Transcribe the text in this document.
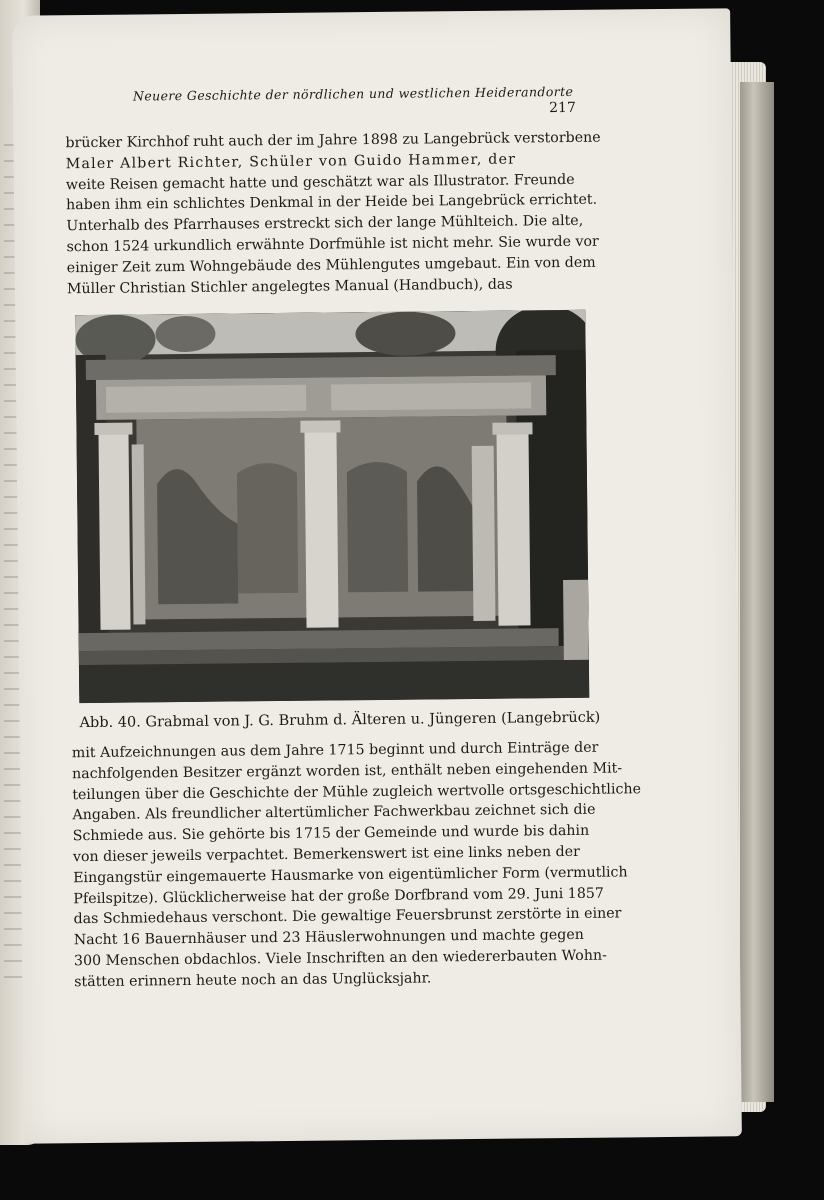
Neuere Geschichte der nördlichen und westlichen Heiderandorte
217
brücker Kirchhof ruht auch der im Jahre 1898 zu Langebrück verstorbene
Maler Albert Richter, Schüler von Guido Hammer, der
weite Reisen gemacht hatte und geschätzt war als Illustrator. Freunde
haben ihm ein schlichtes Denkmal in der Heide bei Langebrück errichtet.
Unterhalb des Pfarrhauses erstreckt sich der lange Mühlteich. Die alte,
schon 1524 urkundlich erwähnte Dorfmühle ist nicht mehr. Sie wurde vor
einiger Zeit zum Wohngebäude des Mühlengutes umgebaut. Ein von dem
Müller Christian Stichler angelegtes Manual (Handbuch), das
Abb. 40. Grabmal von J. G. Bruhm d. Älteren u. Jüngeren (Langebrück)
mit Aufzeichnungen aus dem Jahre 1715 beginnt und durch Einträge der
nachfolgenden Besitzer ergänzt worden ist, enthält neben eingehenden Mit-
teilungen über die Geschichte der Mühle zugleich wertvolle ortsgeschichtliche
Angaben. Als freundlicher altertümlicher Fachwerkbau zeichnet sich die
Schmiede aus. Sie gehörte bis 1715 der Gemeinde und wurde bis dahin
von dieser jeweils verpachtet. Bemerkenswert ist eine links neben der
Eingangstür eingemauerte Hausmarke von eigentümlicher Form (vermutlich
Pfeilspitze). Glücklicherweise hat der große Dorfbrand vom 29. Juni 1857
das Schmiedehaus verschont. Die gewaltige Feuersbrunst zerstörte in einer
Nacht 16 Bauernhäuser und 23 Häuslerwohnungen und machte gegen
300 Menschen obdachlos. Viele Inschriften an den wiedererbauten Wohn-
stätten erinnern heute noch an das Unglücksjahr.
